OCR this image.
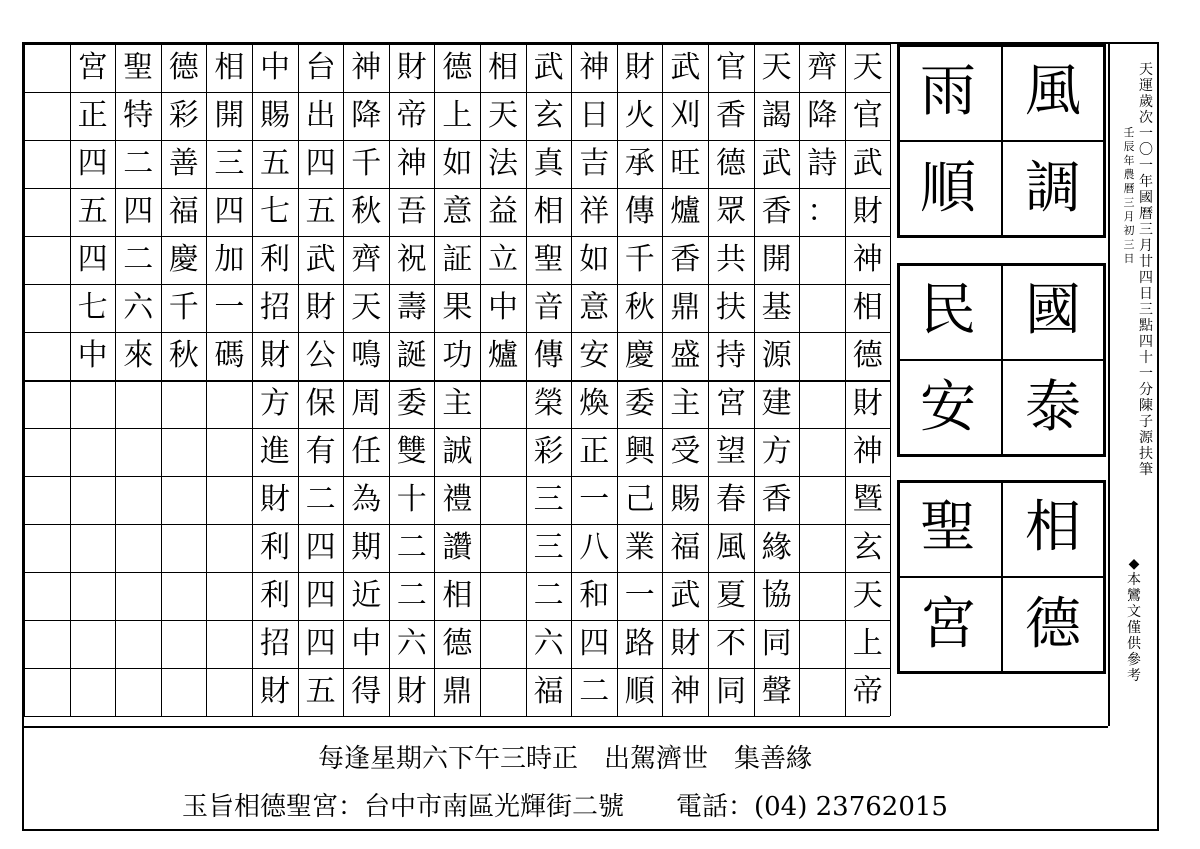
天
官
武
財
神
相
德
財
神
暨
玄
天
上
帝
齊
降
詩
：
天
謁
武
香
開
基
源
建
方
香
緣
協
同
聲
官
香
德
眾
共
扶
持
宮
望
春
風
夏
不
同
武
刈
旺
爐
香
鼎
盛
主
受
賜
福
武
財
神
財
火
承
傳
千
秋
慶
委
興
己
業
一
路
順
神
日
吉
祥
如
意
安
煥
正
一
八
和
四
二
武
玄
真
相
聖
音
傳
榮
彩
三
三
二
六
福
相
天
法
益
立
中
爐
德
上
如
意
証
果
功
主
誠
禮
讚
相
德
鼎
財
帝
神
吾
祝
壽
誕
委
雙
十
二
二
六
財
神
降
千
秋
齊
天
鳴
周
任
為
期
近
中
得
台
出
四
五
武
財
公
保
有
二
四
四
四
五
中
賜
五
七
利
招
財
方
進
財
利
利
招
財
相
開
三
四
加
一
碼
德
彩
善
福
慶
千
秋
聖
特
二
四
二
六
來
宮
正
四
五
四
七
中
風
調
雨
順
國
泰
民
安
相
德
聖
宮
天運歲次一〇一年國曆三月廿四日三點四十一分陳子源扶筆
壬辰年農曆三月初三日
◆本鸞文僅供參考
每逢星期六下午三時正　出駕濟世　集善緣
玉旨相德聖宮：台中市南區光輝街二號　　電話：(04) 23762015
